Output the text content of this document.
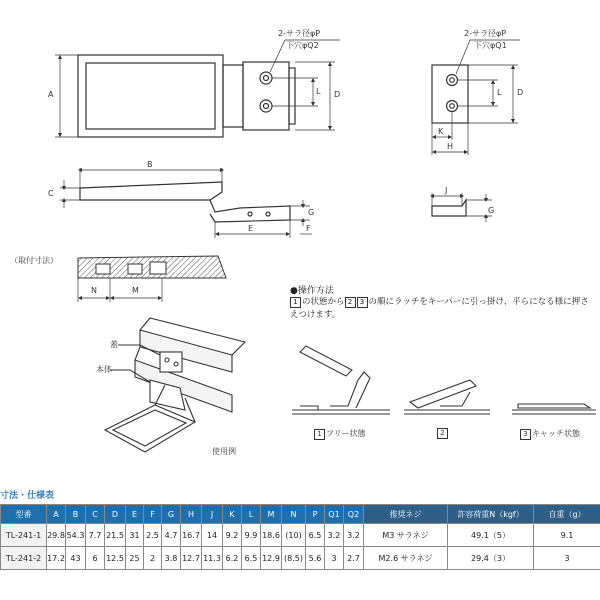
2-サラ径φP
下穴φQ2
2-サラ径φP
下穴φQ1
A	D
L	D
L
K
H
B
C	J
G
G
E	F
（取付寸法）
N	M
蓋
本体
使用例
●操作方法
1 の状態から 2 3 の順にラッチをキーパーに引っ掛け、平らになる様に押さえつけます。
1 フリー状態	2	3 キャッチ状態
寸法・仕様表
型番	A	B	C	D	E	F	G	H	J	K	L	M	N	P	Q1	Q2	推奨ネジ	許容荷重N（kgf）	自重（g）
TL-241-1	29.8	54.3	7.7	21.5	31	2.5	4.7	16.7	14	9.2	9.9	18.6	(10)	6.5	3.2	3.2	M3 サラネジ	49.1（5）	9.1
TL-241-2	17.2	43	6	12.5	25	2	3.8	12.7	11.3	6.2	6.5	12.9	(8.5)	5.6	3	2.7	M2.6 サラネジ	29.4（3）	3
